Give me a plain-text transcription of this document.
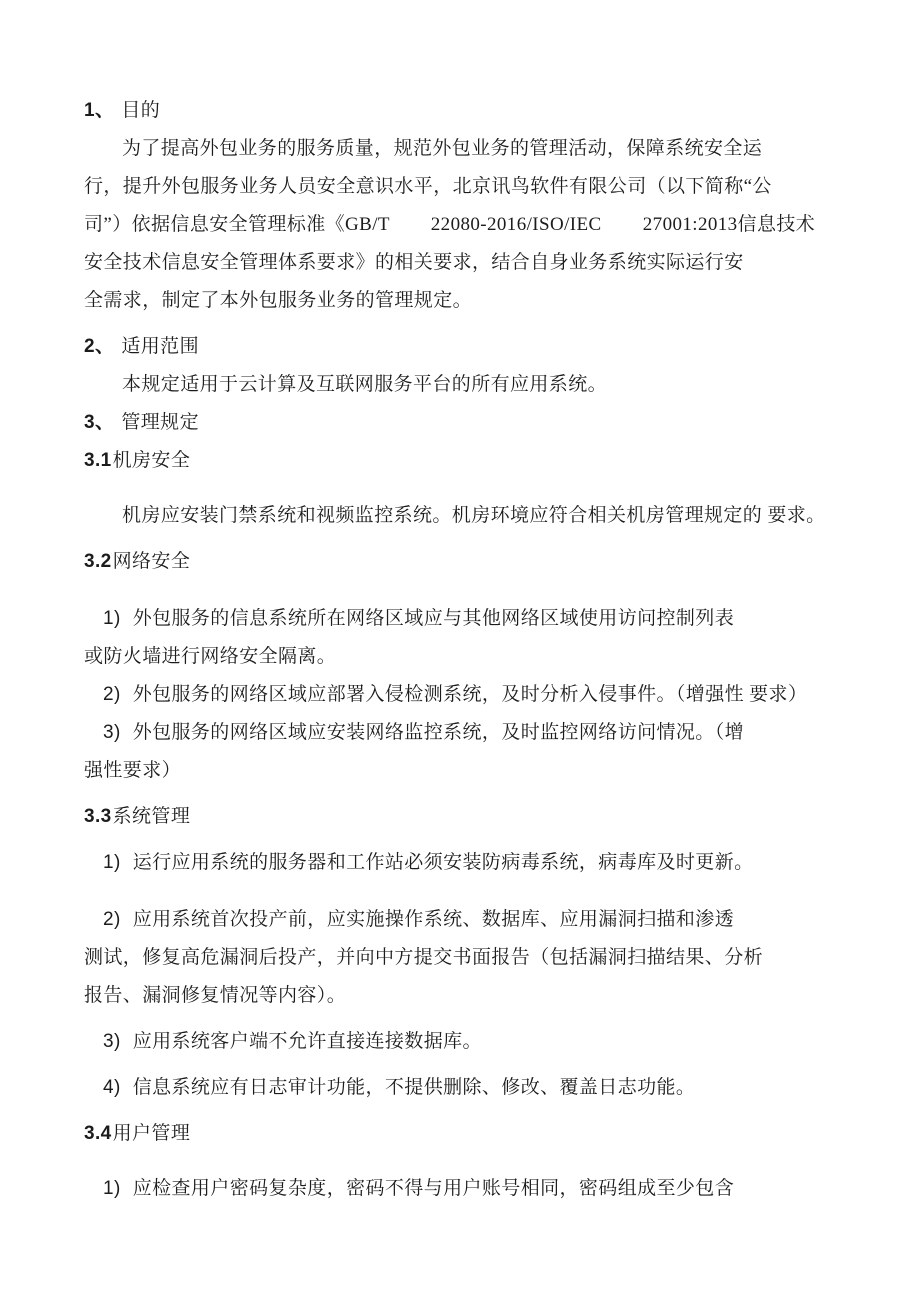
1、 目的
为了提高外包业务的服务质量，规范外包业务的管理活动，保障系统安全运
行，提升外包服务业务人员安全意识水平，北京讯鸟软件有限公司（以下简称“公
司”）依据信息安全管理标准《GB/T        22080-2016/ISO/IEC        27001:2013信息技术
安全技术信息安全管理体系要求》的相关要求，结合自身业务系统实际运行安
全需求，制定了本外包服务业务的管理规定。
2、 适用范围
本规定适用于云计算及互联网服务平台的所有应用系统。
3、 管理规定
3.1机房安全
机房应安装门禁系统和视频监控系统。机房环境应符合相关机房管理规定的 要求。
3.2网络安全
1) 外包服务的信息系统所在网络区域应与其他网络区域使用访问控制列表
或防火墙进行网络安全隔离。
2) 外包服务的网络区域应部署入侵检测系统，及时分析入侵事件。（增强性 要求）
3) 外包服务的网络区域应安装网络监控系统，及时监控网络访问情况。（增
强性要求）
3.3系统管理
1) 运行应用系统的服务器和工作站必须安装防病毒系统，病毒库及时更新。
2) 应用系统首次投产前，应实施操作系统、数据库、应用漏洞扫描和渗透
测试，修复高危漏洞后投产，并向中方提交书面报告（包括漏洞扫描结果、分析
报告、漏洞修复情况等内容）。
3) 应用系统客户端不允许直接连接数据库。
4) 信息系统应有日志审计功能，不提供删除、修改、覆盖日志功能。
3.4用户管理
1) 应检查用户密码复杂度，密码不得与用户账号相同，密码组成至少包含
